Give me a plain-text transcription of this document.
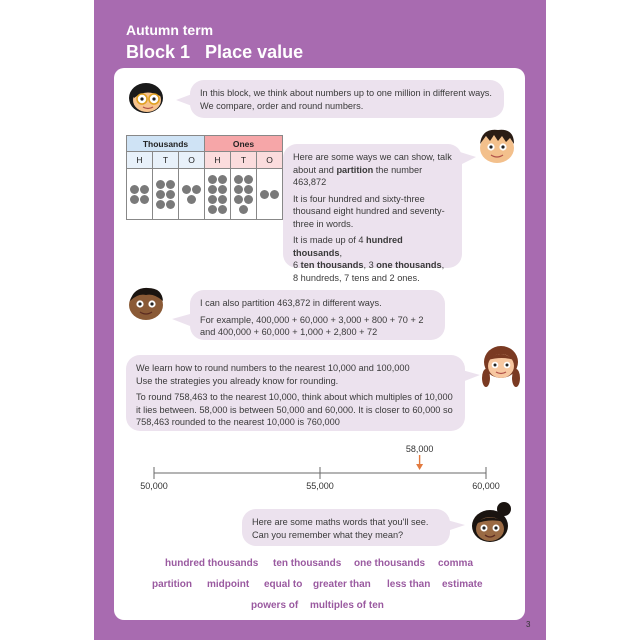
Autumn term
Block 1 Place value

In this block, we think about numbers up to one million in different ways. We compare, order and round numbers.

Thousands			Ones		
H	T	O	H	T	O

	Here are some ways we can show, talk about and partition the number 463,872

It is four hundred and sixty-three thousand eight hundred and seventy-three in words.

It is made up of 4 hundred thousands,
6 ten thousands, 3 one thousands,
8 hundreds, 7 tens and 2 ones.

I can also partition 463,872 in different ways.

For example, 400,000 + 60,000 + 3,000 + 800 + 70 + 2

and 400,000 + 60,000 + 1,000 + 2,800 + 72

We learn how to round numbers to the nearest 10,000 and 100,000

Use the strategies you already know for rounding.

To round 758,463 to the nearest 10,000, think about which multiples of 10,000 it lies between. 58,000 is between 50,000 and 60,000. It is closer to 60,000 so 758,463 rounded to the nearest 10,000 is 760,000

50,000	55,000	60,000
58,000

Here are some maths words that you'll see.

Can you remember what they mean?

hundred thousands ten thousands one thousands comma
partition midpoint equal to greater than less than estimate
powers of multiples of ten
3
